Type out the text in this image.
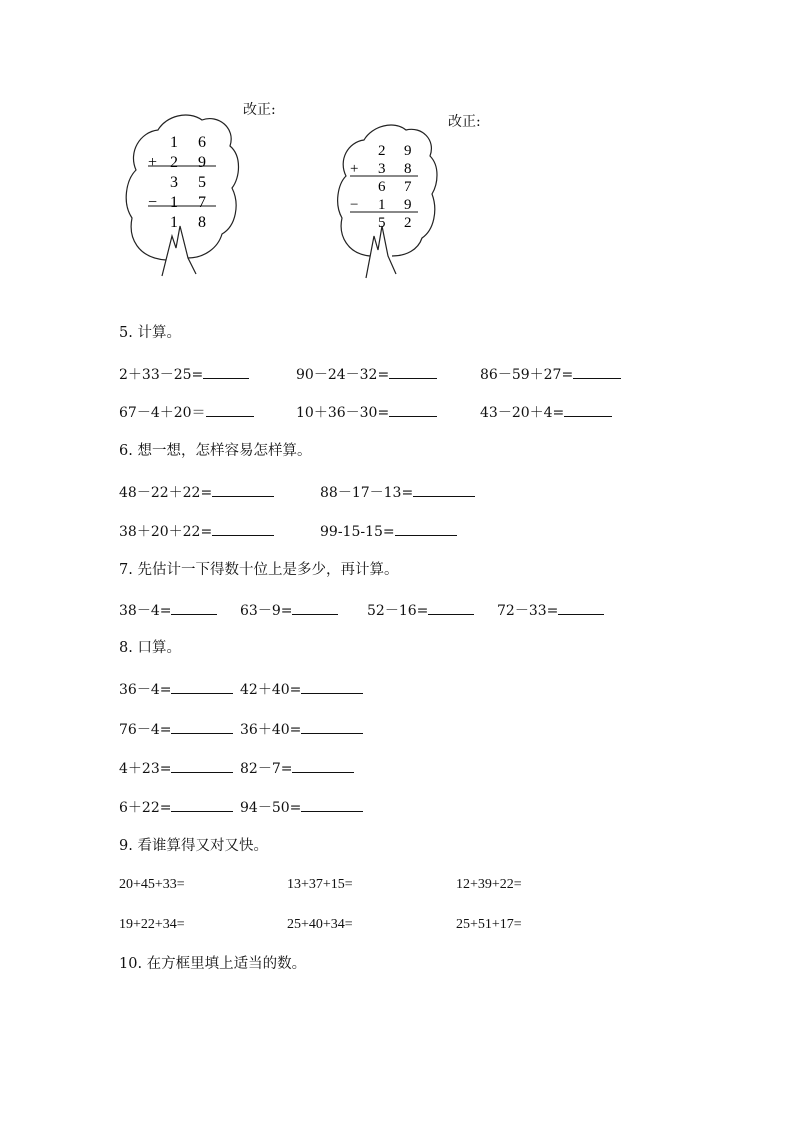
改正:
1 6
+ 2 9
3 5
− 1 7
1 8
改正:
2 9
+ 3 8
6 7
− 1 9
5 2
5. 计算。
2＋33－25=	90－24－32=	86－59＋27=
67－4＋20＝	10＋36－30=	43－20＋4=
6. 想一想，怎样容易怎样算。
48－22＋22=	88－17－13=
38＋20＋22=	99-15-15=
7. 先估计一下得数十位上是多少，再计算。
38－4=	63－9=	52－16=	72－33=
8. 口算。
36－4=	42＋40=
76－4=	36＋40=
4＋23=	82－7=
6＋22=	94－50=
9. 看谁算得又对又快。
20+45+33=	13+37+15=	12+39+22=
19+22+34=	25+40+34=	25+51+17=
10. 在方框里填上适当的数。
